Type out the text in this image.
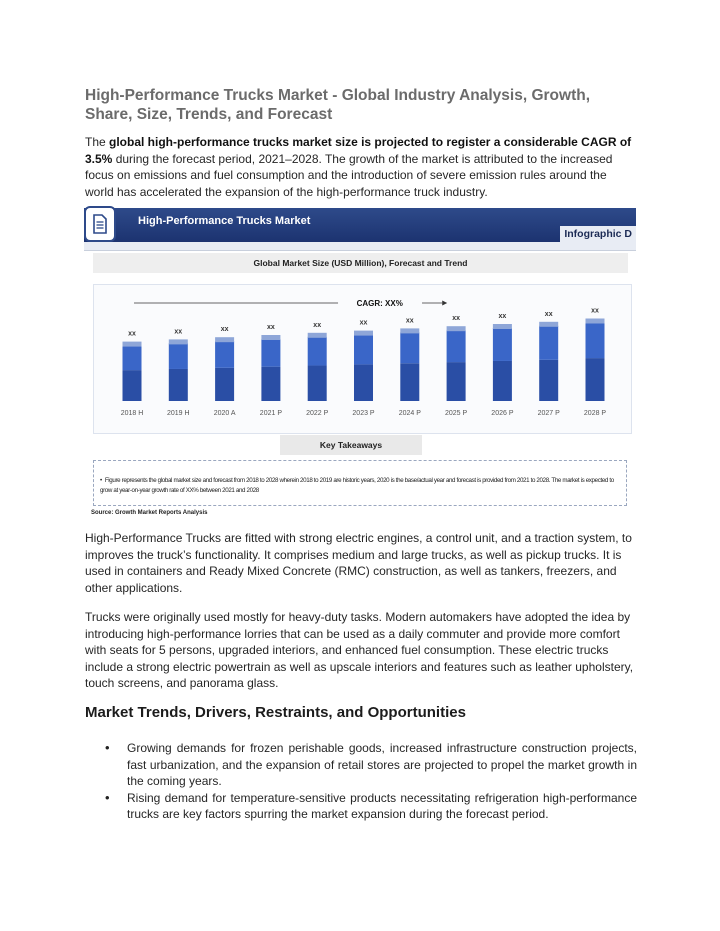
High-Performance Trucks Market - Global Industry Analysis, Growth, Share, Size, Trends, and Forecast

The global high-performance trucks market size is projected to register a considerable CAGR of 3.5% during the forecast period, 2021–2028. The growth of the market is attributed to the increased focus on emissions and fuel consumption and the introduction of severe emission rules around the world has accelerated the expansion of the high-performance truck industry.

High-Performance Trucks Market
Infographic D
Global Market Size (USD Million), Forecast and Trend
CAGR: XX%
xx
2018 H
xx
2019 H
xx
2020 A
xx
2021 P
xx
2022 P
xx
2023 P
xx
2024 P
xx
2025 P
xx
2026 P
xx
2027 P
xx
2028 P
Key Takeaways
• Figure represents the global market size and forecast from 2018 to 2028 wherein 2018 to 2019 are historic years, 2020 is the base/actual year and forecast is provided from 2021 to 2028. The market is expected to grow at year-on-year growth rate of XX% between 2021 and 2028
Source: Growth Market Reports Analysis

High-Performance Trucks are fitted with strong electric engines, a control unit, and a traction system, to improves the truck’s functionality. It comprises medium and large trucks, as well as pickup trucks. It is used in containers and Ready Mixed Concrete (RMC) construction, as well as tankers, freezers, and other applications.

Trucks were originally used mostly for heavy-duty tasks. Modern automakers have adopted the idea by introducing high-performance lorries that can be used as a daily commuter and provide more comfort with seats for 5 persons, upgraded interiors, and enhanced fuel consumption. These electric trucks include a strong electric powertrain as well as upscale interiors and features such as leather upholstery, touch screens, and panorama glass.

Market Trends, Drivers, Restraints, and Opportunities
• Growing demands for frozen perishable goods, increased infrastructure construction projects, fast urbanization, and the expansion of retail stores are projected to propel the market growth in the coming years.
• Rising demand for temperature-sensitive products necessitating refrigeration high-performance trucks are key factors spurring the market expansion during the forecast period.
